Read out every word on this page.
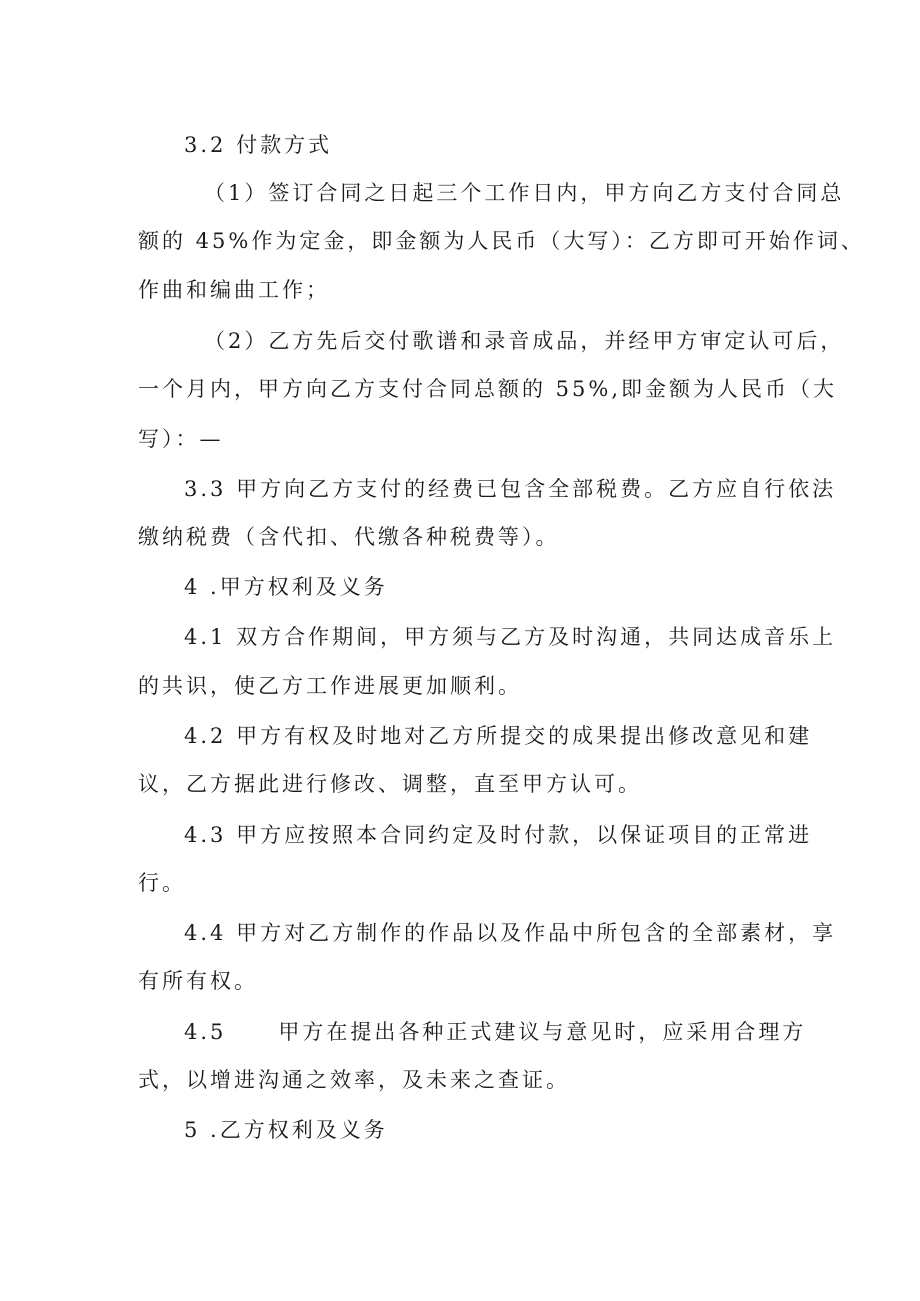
3.2 付款方式
（1）签订合同之日起三个工作日内，甲方向乙方支付合同总
额的 45%作为定金，即金额为人民币（大写）：乙方即可开始作词、
作曲和编曲工作；
（2）乙方先后交付歌谱和录音成品，并经甲方审定认可后，
一个月内，甲方向乙方支付合同总额的 55%,即金额为人民币（大
写）：—
3.3 甲方向乙方支付的经费已包含全部税费。乙方应自行依法
缴纳税费（含代扣、代缴各种税费等）。
4 .甲方权利及义务
4.1 双方合作期间，甲方须与乙方及时沟通，共同达成音乐上
的共识，使乙方工作进展更加顺利。
4.2 甲方有权及时地对乙方所提交的成果提出修改意见和建
议，乙方据此进行修改、调整，直至甲方认可。
4.3 甲方应按照本合同约定及时付款，以保证项目的正常进
行。
4.4 甲方对乙方制作的作品以及作品中所包含的全部素材，享
有所有权。
4.5 甲方在提出各种正式建议与意见时，应采用合理方
式，以增进沟通之效率，及未来之查证。
5 .乙方权利及义务
